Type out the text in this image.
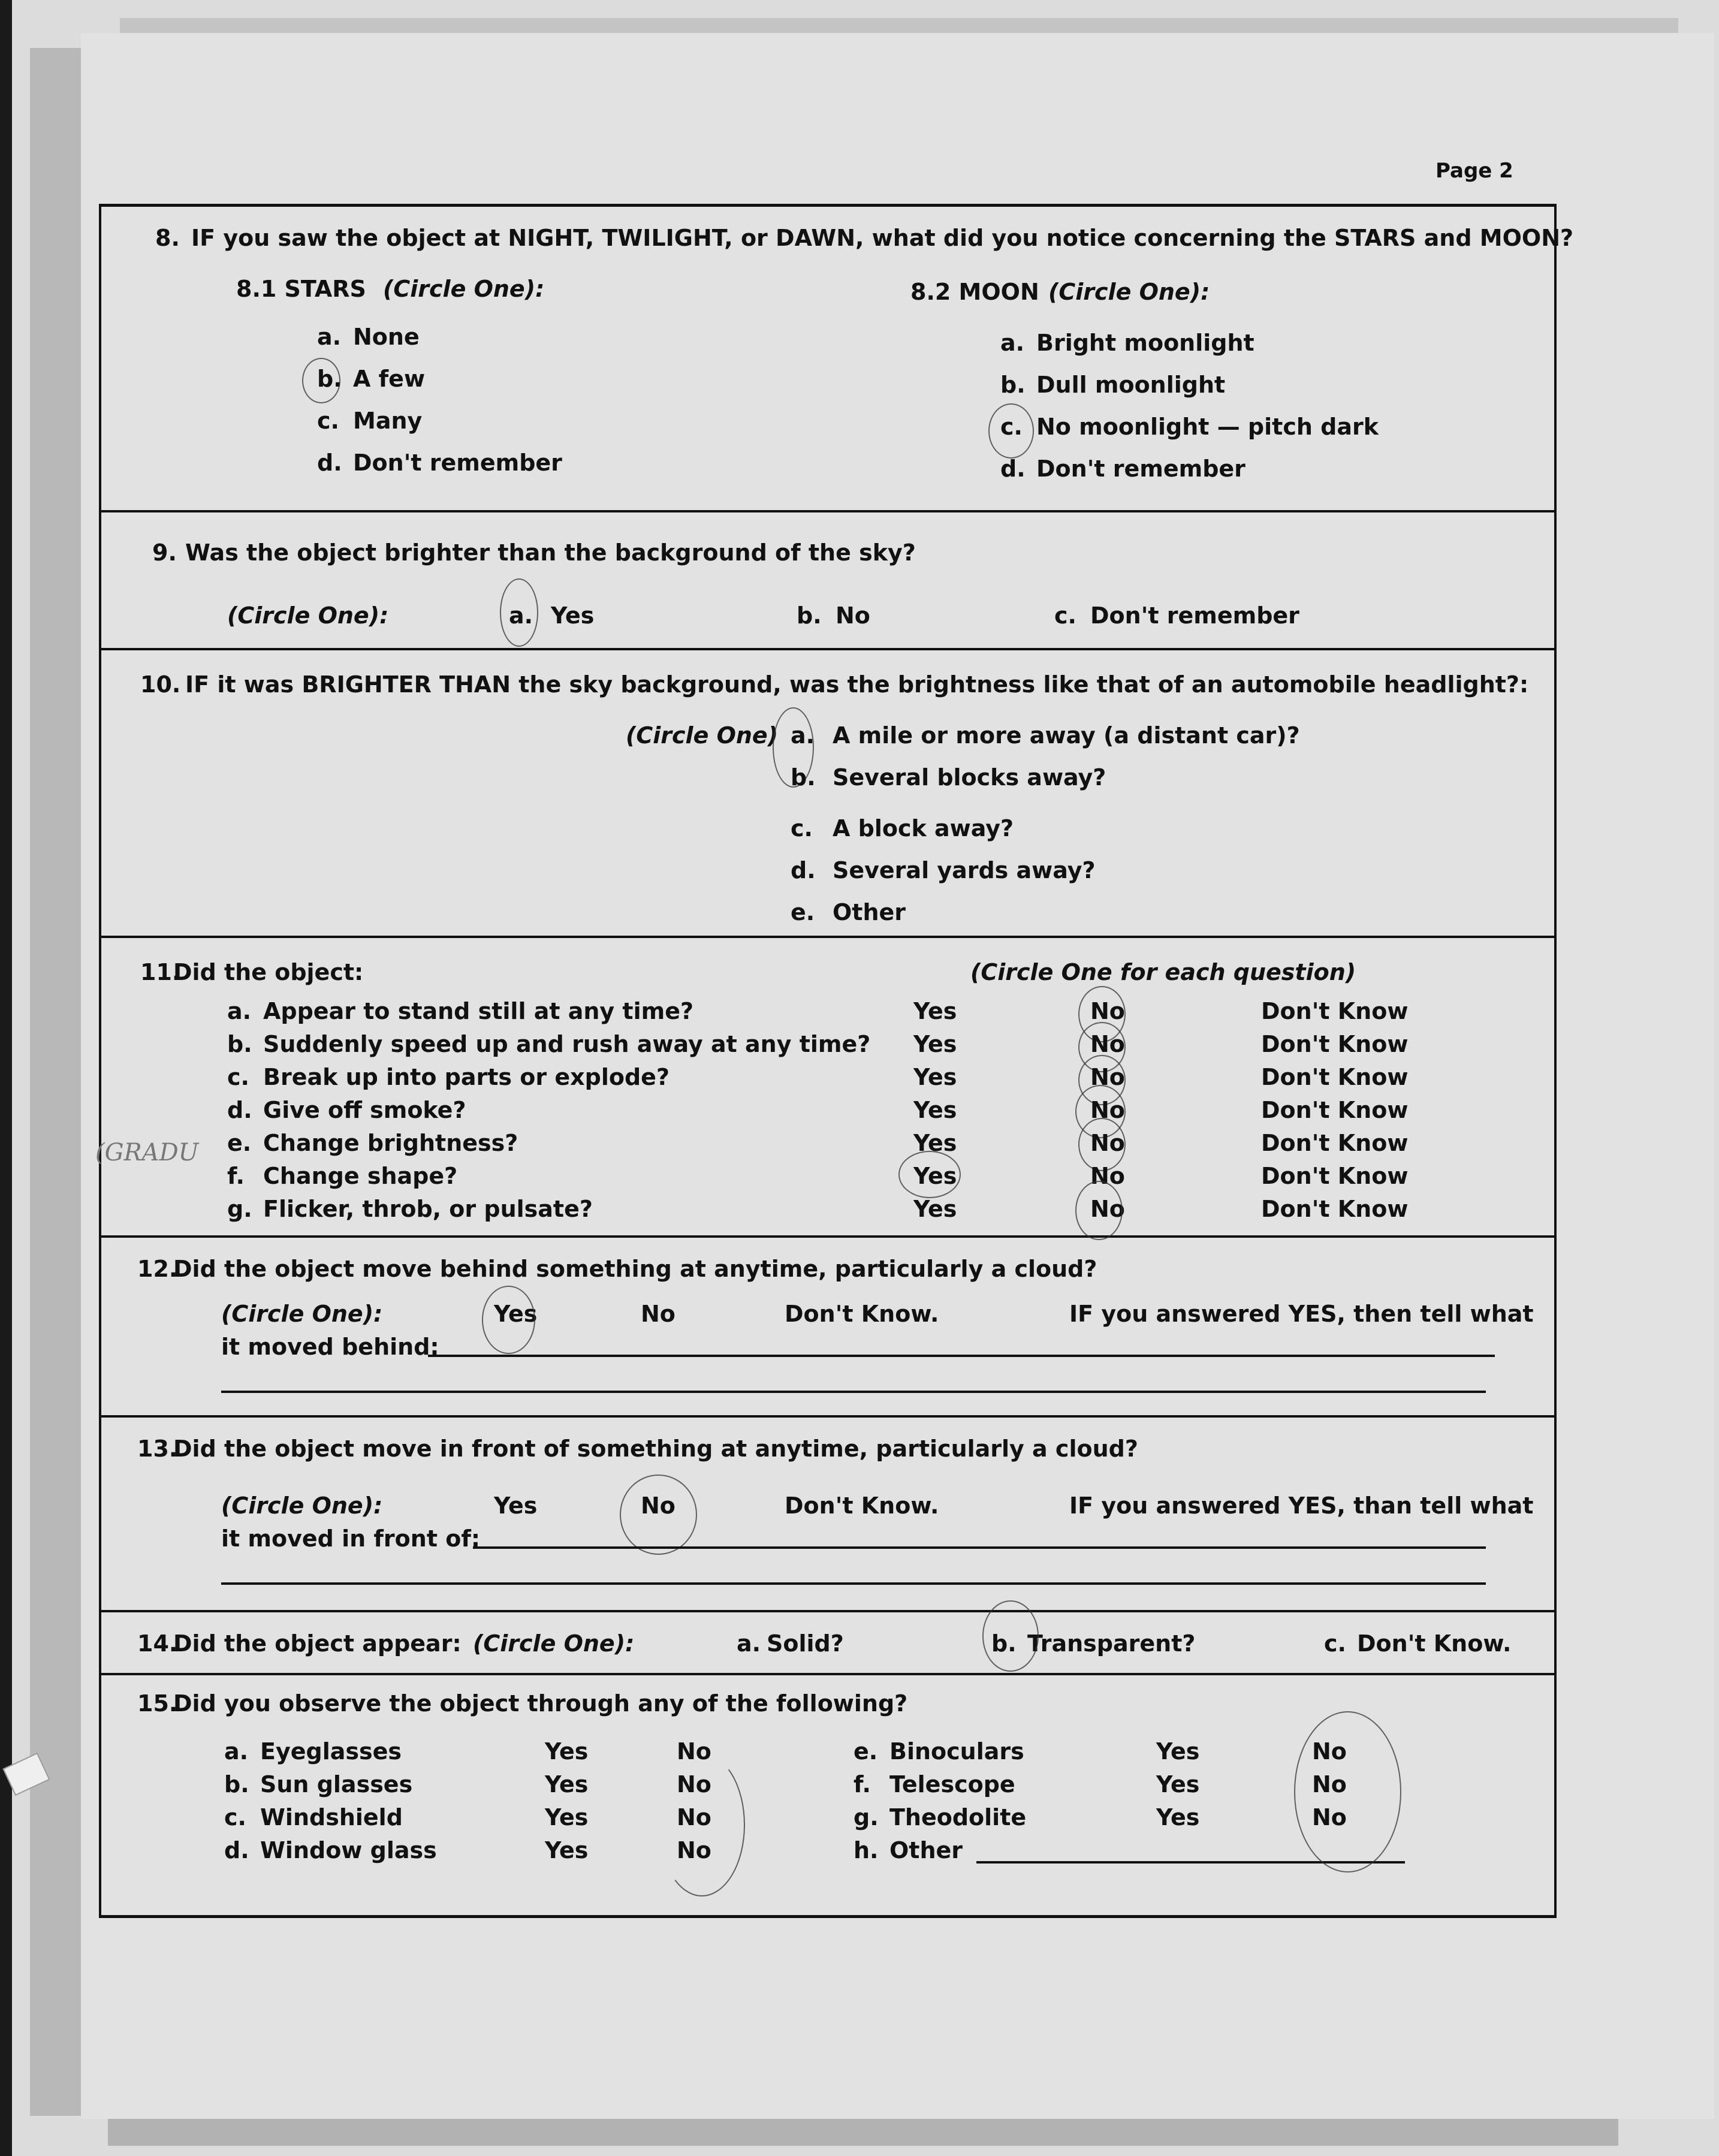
Page 2
8. IF you saw the object at NIGHT, TWILIGHT, or DAWN, what did you notice concerning the STARS and MOON?
8.1 STARS (Circle One):
a. None
b. A few
c. Many
d. Don't remember
8.2 MOON (Circle One):
a. Bright moonlight
b. Dull moonlight
c. No moonlight — pitch dark
d. Don't remember
9. Was the object brighter than the background of the sky?
(Circle One):	a. Yes	b. No	c. Don't remember
10. IF it was BRIGHTER THAN the sky background, was the brightness like that of an automobile headlight?:
(Circle One) a. A mile or more away (a distant car)?
b. Several blocks away?
c. A block away?
d. Several yards away?
e. Other
(GRADU
11.
Did the object:	(Circle One for each question)
a. Appear to stand still at any time?	Yes	No	Don't Know
b. Suddenly speed up and rush away at any time? Yes	No	Don't Know
c. Break up into parts or explode?	Yes	No	Don't Know
d. Give off smoke?	Yes	No	Don't Know
e. Change brightness?	Yes	No	Don't Know
f. Change shape?	Yes	No	Don't Know
g. Flicker, throb, or pulsate?	Yes	No	Don't Know
12.
Did the object move behind something at anytime, particularly a cloud?
(Circle One):	Yes	No	Don't Know.	IF you answered YES, then tell what
it moved behind:
13.
Did the object move in front of something at anytime, particularly a cloud?
(Circle One):	Yes	No	Don't Know.	IF you answered YES, than tell what
it moved in front of:
14.
Did the object appear: (Circle One):	a. Solid?	b. Transparent?	c. Don't Know.
15.
Did you observe the object through any of the following?
a. Eyeglasses	Yes	No
b. Sun glasses	Yes	No
c. Windshield	Yes	No
d. Window glass	Yes	No
e. Binoculars	Yes	No
f. Telescope	Yes	No
g. Theodolite	Yes	No
h. Other
